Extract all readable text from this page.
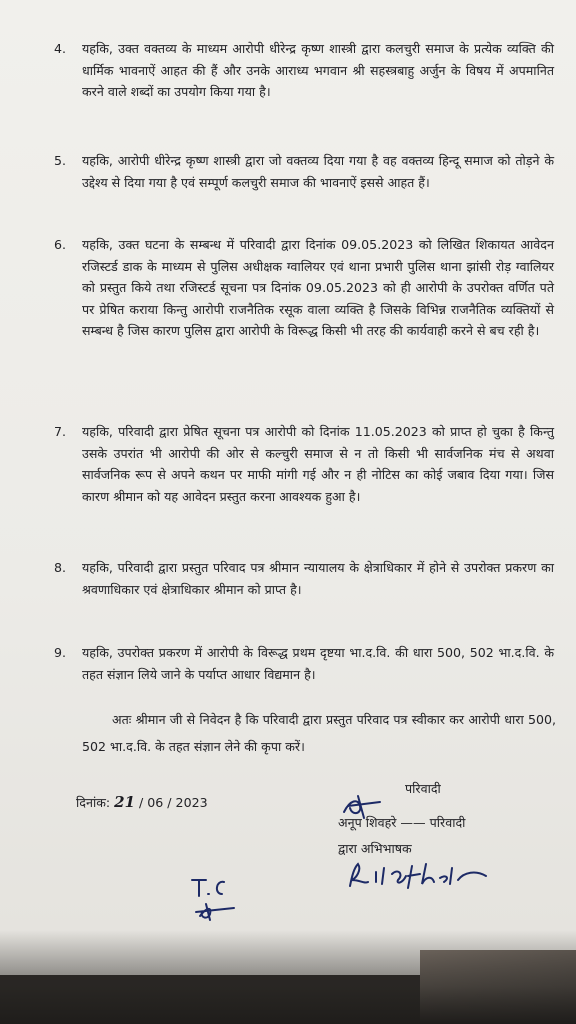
4.	यहकि, उक्त वक्तव्य के माध्यम आरोपी धीरेन्द्र कृष्ण शास्त्री द्वारा कलचुरी समाज के प्रत्येक व्यक्ति की धार्मिक भावनाऐं आहत की हैं और उनके आराध्य भगवान श्री सहस्त्रबाहु अर्जुन के विषय में अपमानित करने वाले शब्दों का उपयोग किया गया है।
5.	यहकि, आरोपी धीरेन्द्र कृष्ण शास्त्री द्वारा जो वक्तव्य दिया गया है वह वक्तव्य हिन्दू समाज को तोड़ने के उद्देश्य से दिया गया है एवं सम्पूर्ण कलचुरी समाज की भावनाऐं इससे आहत हैं।
6.	यहकि, उक्त घटना के सम्बन्ध में परिवादी द्वारा दिनांक 09.05.2023 को लिखित शिकायत आवेदन रजिस्टर्ड डाक के माध्यम से पुलिस अधीक्षक ग्वालियर एवं थाना प्रभारी पुलिस थाना झांसी रोड़ ग्वालियर को प्रस्तुत किये तथा रजिस्टर्ड सूचना पत्र दिनांक 09.05.2023 को ही आरोपी के उपरोक्त वर्णित पते पर प्रेषित कराया किन्तु आरोपी राजनैतिक रसूक वाला व्यक्ति है जिसके विभिन्न राजनैतिक व्यक्तियों से सम्बन्ध है जिस कारण पुलिस द्वारा आरोपी के विरूद्ध किसी भी तरह की कार्यवाही करने से बच रही है।
7.	यहकि, परिवादी द्वारा प्रेषित सूचना पत्र आरोपी को दिनांक 11.05.2023 को प्राप्त हो चुका है किन्तु उसके उपरांत भी आरोपी की ओर से कल्चुरी समाज से न तो किसी भी सार्वजनिक मंच से अथवा सार्वजनिक रूप से अपने कथन पर माफी मांगी गई और न ही नोटिस का कोई जबाव दिया गया। जिस कारण श्रीमान को यह आवेदन प्रस्तुत करना आवश्यक हुआ है।
8.	यहकि, परिवादी द्वारा प्रस्तुत परिवाद पत्र श्रीमान न्यायालय के क्षेत्राधिकार में होने से उपरोक्त प्रकरण का श्रवणाधिकार एवं क्षेत्राधिकार श्रीमान को प्राप्त है।
9.	यहकि, उपरोक्त प्रकरण में आरोपी के विरूद्ध प्रथम दृष्टया भा.द.वि. की धारा 500, 502 भा.द.वि. के तहत संज्ञान लिये जाने के पर्याप्त आधार विद्यमान है।
अतः श्रीमान जी से निवेदन है कि परिवादी द्वारा प्रस्तुत परिवाद पत्र स्वीकार कर आरोपी धारा 500, 502 भा.द.वि. के तहत संज्ञान लेने की कृपा करें।
परिवादी
दिनांक: 21 / 06 / 2023
अनूप शिवहरे —— परिवादी
द्वारा अभिभाषक
